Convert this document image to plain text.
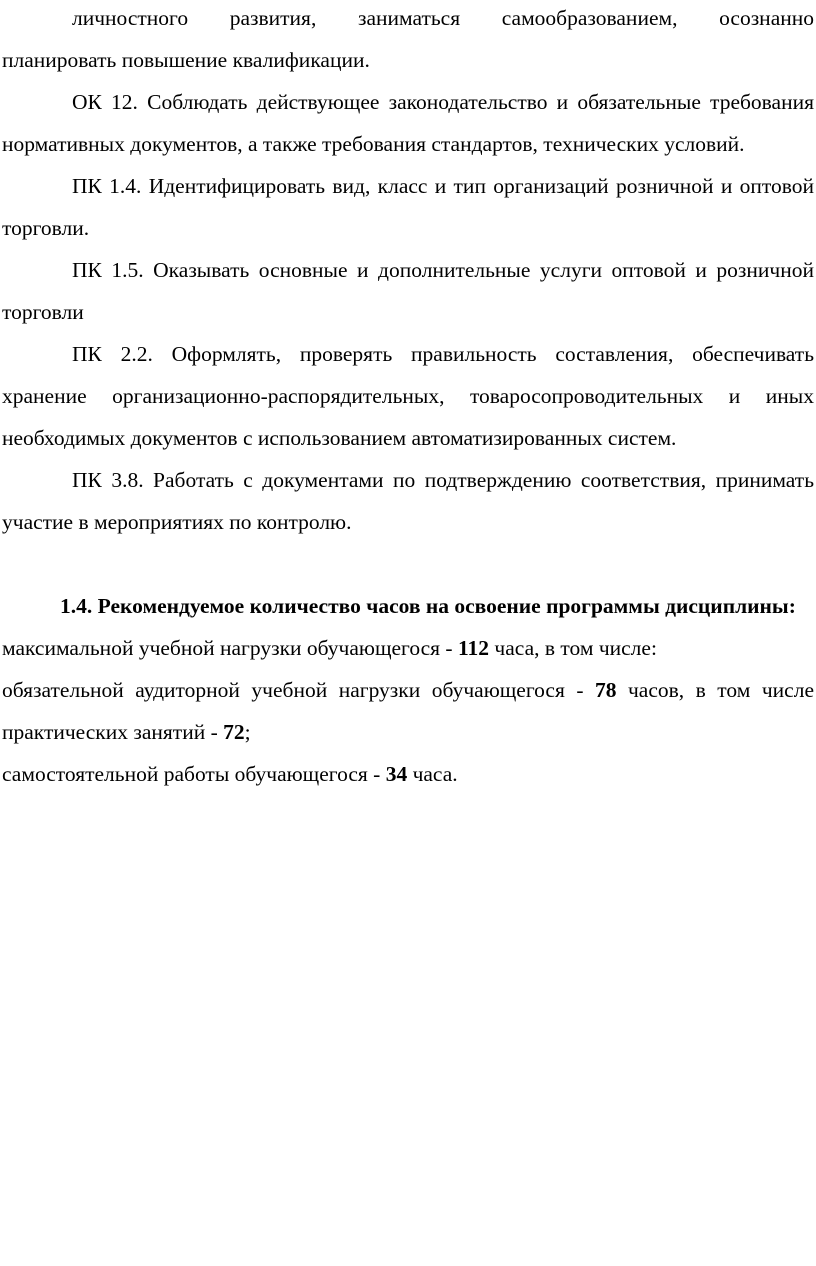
личностного развития, заниматься самообразованием, осознанно
планировать повышение квалификации.

ОК 12. Соблюдать действующее законодательство и обязательные требования нормативных документов, а также требования стандартов, технических условий.

ПК 1.4. Идентифицировать вид, класс и тип организаций розничной и оптовой торговли.

ПК 1.5. Оказывать основные и дополнительные услуги оптовой и розничной торговли

ПК 2.2. Оформлять, проверять правильность составления, обеспечивать хранение организационно-распорядительных, товаросопроводительных и иных необходимых документов с использованием автоматизированных систем.

ПК 3.8. Работать с документами по подтверждению соответствия, принимать участие в мероприятиях по контролю.

1.4. Рекомендуемое количество часов на освоение программы дисциплины:

максимальной учебной нагрузки обучающегося - 112 часа, в том числе:

обязательной аудиторной учебной нагрузки обучающегося - 78 часов, в том числе практических занятий - 72;

самостоятельной работы обучающегося - 34 часа.
